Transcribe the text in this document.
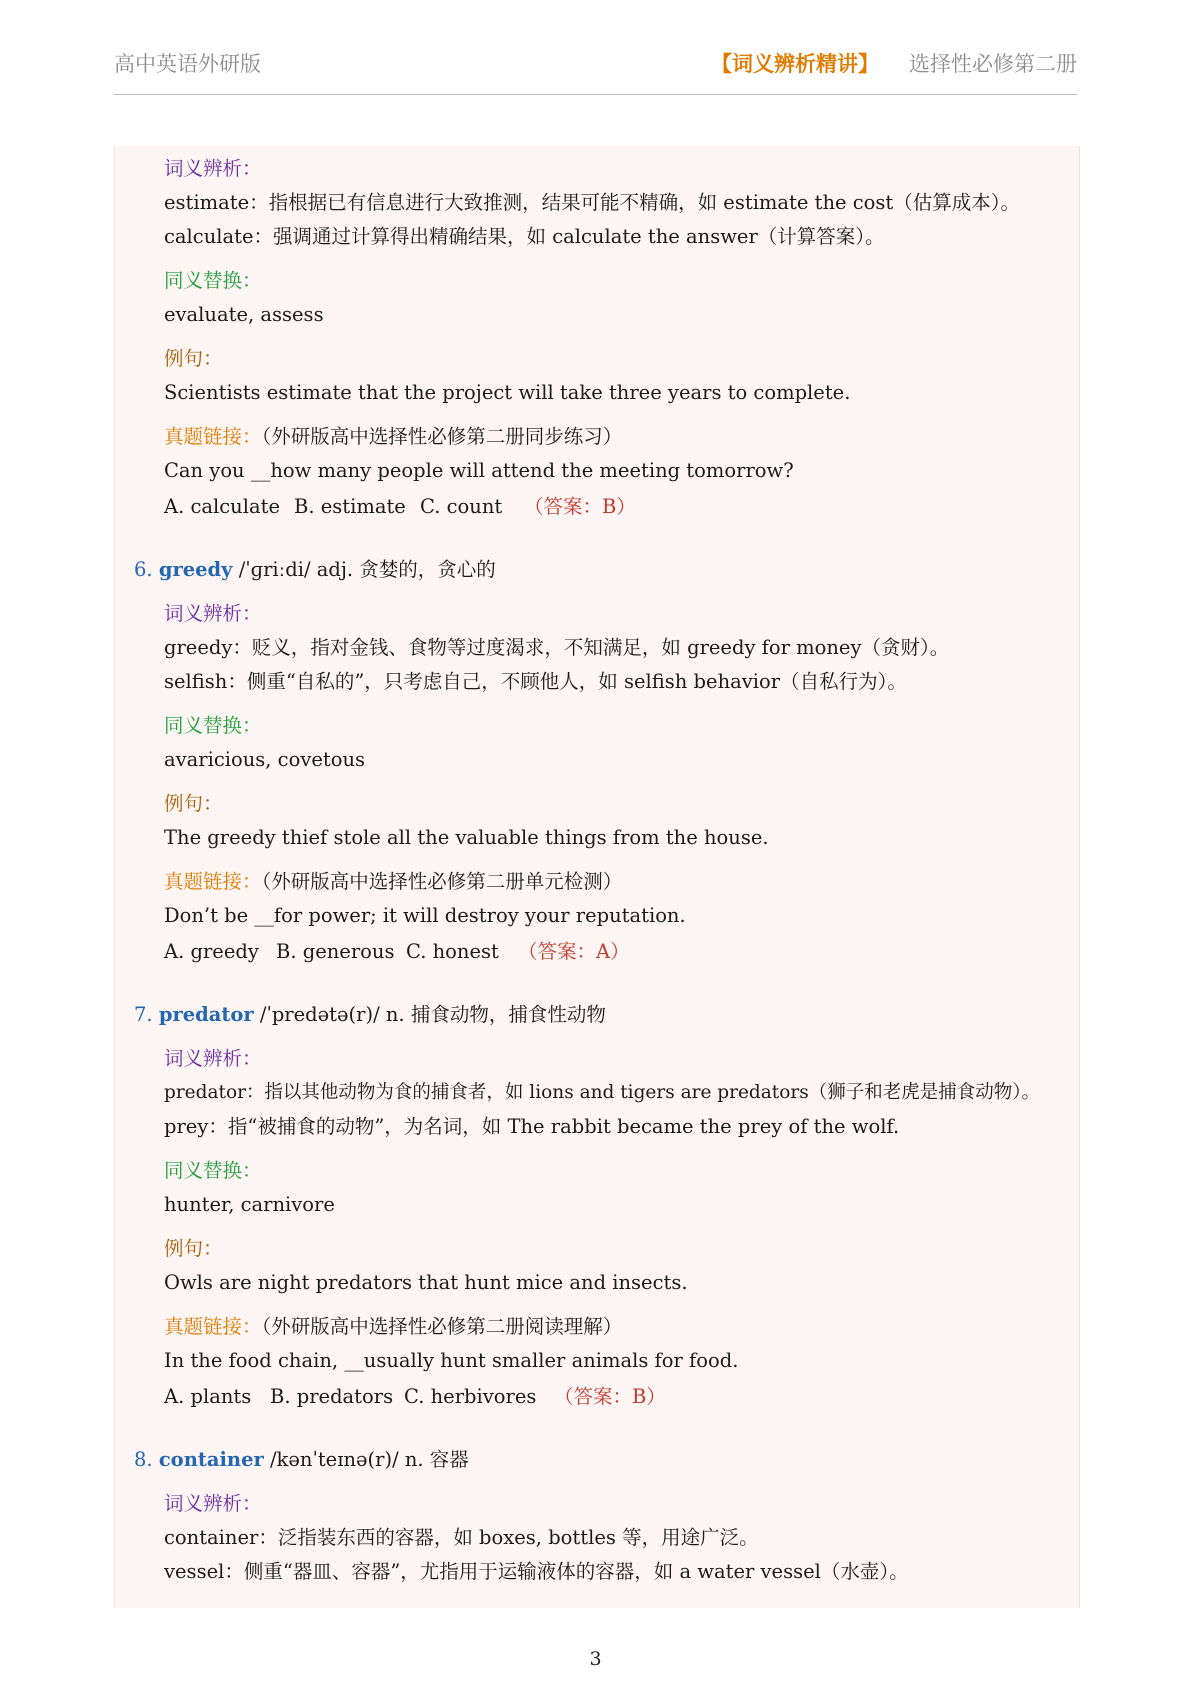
高中英语外研版	【词义辨析精讲】 选择性必修第二册
词义辨析：
estimate：指根据已有信息进行大致推测，结果可能不精确，如 estimate the cost（估算成本）。
calculate：强调通过计算得出精确结果，如 calculate the answer（计算答案）。
同义替换：
evaluate, assess
例句：
Scientists estimate that the project will take three years to complete.
真题链接：（外研版高中选择性必修第二册同步练习）
Can you __how many people will attend the meeting tomorrow?
A. calculate B. estimate C. count （答案：B）
6. greedy /ˈɡriːdi/ adj. 贪婪的，贪心的
词义辨析：
greedy：贬义，指对金钱、食物等过度渴求，不知满足，如 greedy for money（贪财）。
selfish：侧重“自私的”，只考虑自己，不顾他人，如 selfish behavior（自私行为）。
同义替换：
avaricious, covetous
例句：
The greedy thief stole all the valuable things from the house.
真题链接：（外研版高中选择性必修第二册单元检测）
Don’t be __for power; it will destroy your reputation.
A. greedy B. generous C. honest （答案：A）
7. predator /ˈpredətə(r)/ n. 捕食动物，捕食性动物
词义辨析：
predator：指以其他动物为食的捕食者，如 lions and tigers are predators（狮子和老虎是捕食动物）。
prey：指“被捕食的动物”，为名词，如 The rabbit became the prey of the wolf.
同义替换：
hunter, carnivore
例句：
Owls are night predators that hunt mice and insects.
真题链接：（外研版高中选择性必修第二册阅读理解）
In the food chain, __usually hunt smaller animals for food.
A. plants B. predators C. herbivores （答案：B）
8. container /kənˈteɪnə(r)/ n. 容器
词义辨析：
container：泛指装东西的容器，如 boxes, bottles 等，用途广泛。
vessel：侧重“器皿、容器”，尤指用于运输液体的容器，如 a water vessel（水壶）。
3
